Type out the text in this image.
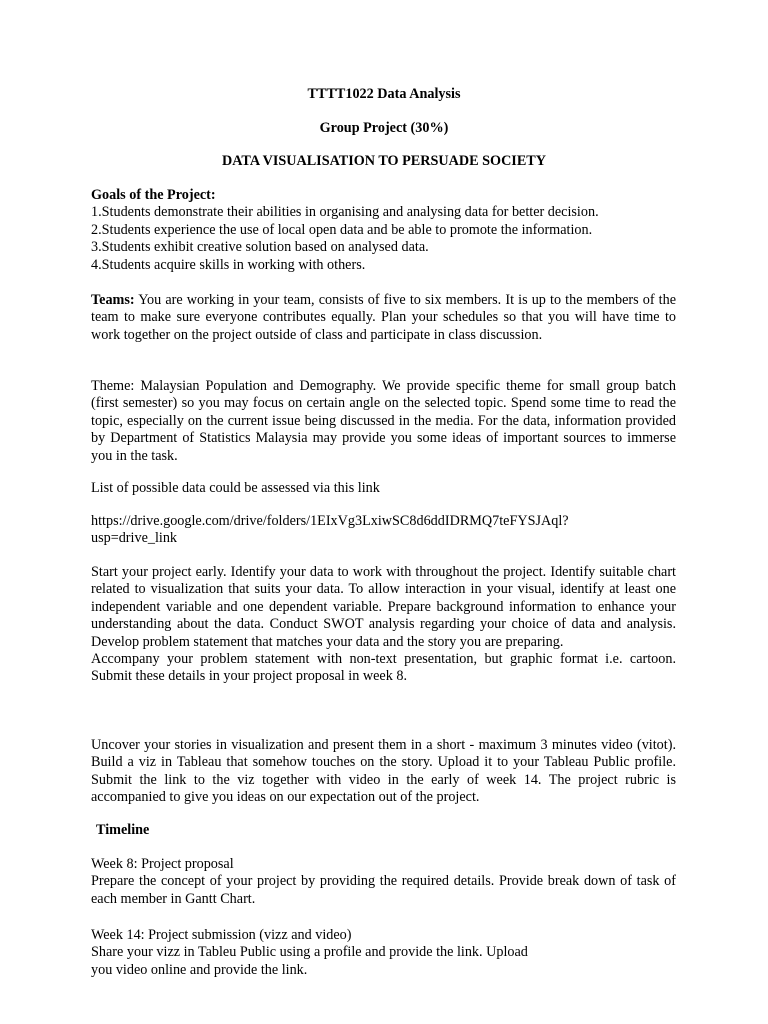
TTTT1022 Data Analysis
Group Project (30%)
DATA VISUALISATION TO PERSUADE SOCIETY

Goals of the Project:

1.Students demonstrate their abilities in organising and analysing data for better decision.

2.Students experience the use of local open data and be able to promote the information.

3.Students exhibit creative solution based on analysed data.

4.Students acquire skills in working with others.

Teams: You are working in your team, consists of five to six members. It is up to the members of the team to make sure everyone contributes equally. Plan your schedules so that you will have time to work together on the project outside of class and participate in class discussion.

Theme: Malaysian Population and Demography. We provide specific theme for small group batch (first semester) so you may focus on certain angle on the selected topic. Spend some time to read the topic, especially on the current issue being discussed in the media. For the data, information provided by Department of Statistics Malaysia may provide you some ideas of important sources to immerse you in the task.

List of possible data could be assessed via this link

https://drive.google.com/drive/folders/1EIxVg3LxiwSC8d6ddIDRMQ7teFYSJAql?

usp=drive_link

Start your project early. Identify your data to work with throughout the project. Identify suitable chart related to visualization that suits your data. To allow interaction in your visual, identify at least one independent variable and one dependent variable. Prepare background information to enhance your understanding about the data. Conduct SWOT analysis regarding your choice of data and analysis. Develop problem statement that matches your data and the story you are preparing.

Accompany your problem statement with non-text presentation, but graphic format i.e. cartoon. Submit these details in your project proposal in week 8.

Uncover your stories in visualization and present them in a short - maximum 3 minutes video (vitot). Build a viz in Tableau that somehow touches on the story. Upload it to your Tableau Public profile. Submit the link to the viz together with video in the early of week 14. The project rubric is accompanied to give you ideas on our expectation out of the project.

Timeline

Week 8: Project proposal

Prepare the concept of your project by providing the required details. Provide break down of task of each member in Gantt Chart.

Week 14: Project submission (vizz and video)

Share your vizz in Tableu Public using a profile and provide the link. Upload

you video online and provide the link.
